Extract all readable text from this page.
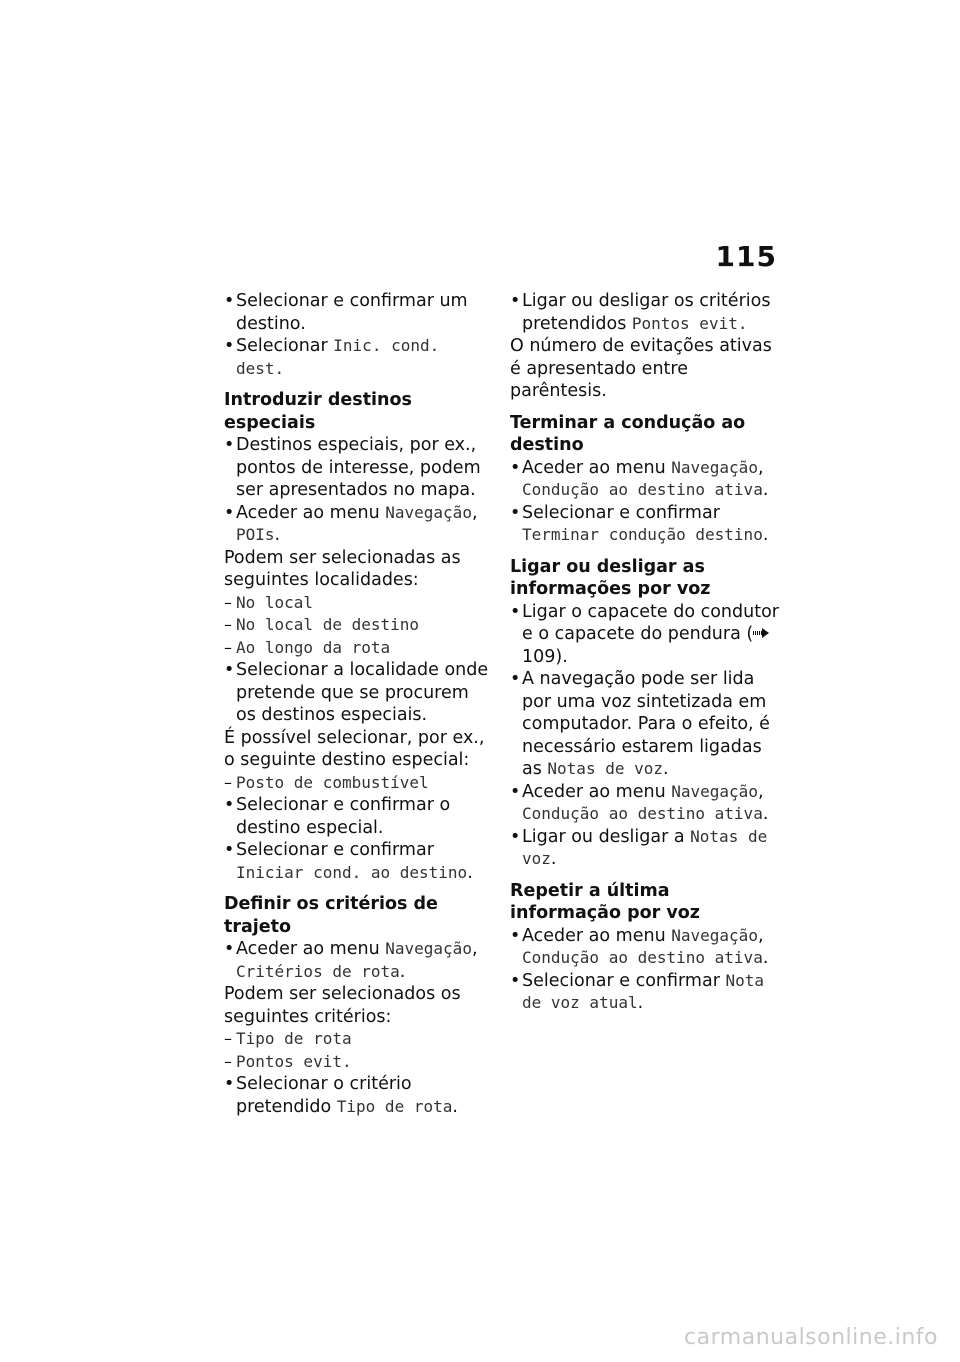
115

• Selecionar e confirmar um destino.

• Selecionar Inic. cond. dest.

Introduzir destinos especiais

• Destinos especiais, por ex., pontos de interesse, podem ser apresentados no mapa.

• Aceder ao menu Navegação, POIs.

Podem ser selecionadas as seguintes localidades:

– No local

– No local de destino

– Ao longo da rota

• Selecionar a localidade onde pretende que se procurem os destinos especiais.

É possível selecionar, por ex., o seguinte destino especial:

– Posto de combustível

• Selecionar e confirmar o destino especial.

• Selecionar e confirmar Iniciar cond. ao destino.

Definir os critérios de trajeto

• Aceder ao menu Navegação, Critérios de rota.

Podem ser selecionados os seguintes critérios:

– Tipo de rota

– Pontos evit.

• Selecionar o critério pretendido Tipo de rota.

• Ligar ou desligar os critérios pretendidos Pontos evit.

O número de evitações ativas é apresentado entre parêntesis.

Terminar a condução ao destino

• Aceder ao menu Navegação, Condução ao destino ativa.

• Selecionar e confirmar Terminar condução destino.

Ligar ou desligar as informações por voz

• Ligar o capacete do condutor e o capacete do pendura ( 109).

• A navegação pode ser lida por uma voz sintetizada em computador. Para o efeito, é necessário estarem ligadas as Notas de voz.

• Aceder ao menu Navegação, Condução ao destino ativa.

• Ligar ou desligar a Notas de voz.

Repetir a última informação por voz

• Aceder ao menu Navegação, Condução ao destino ativa.

• Selecionar e confirmar Nota de voz atual.

carmanualsonline.info
